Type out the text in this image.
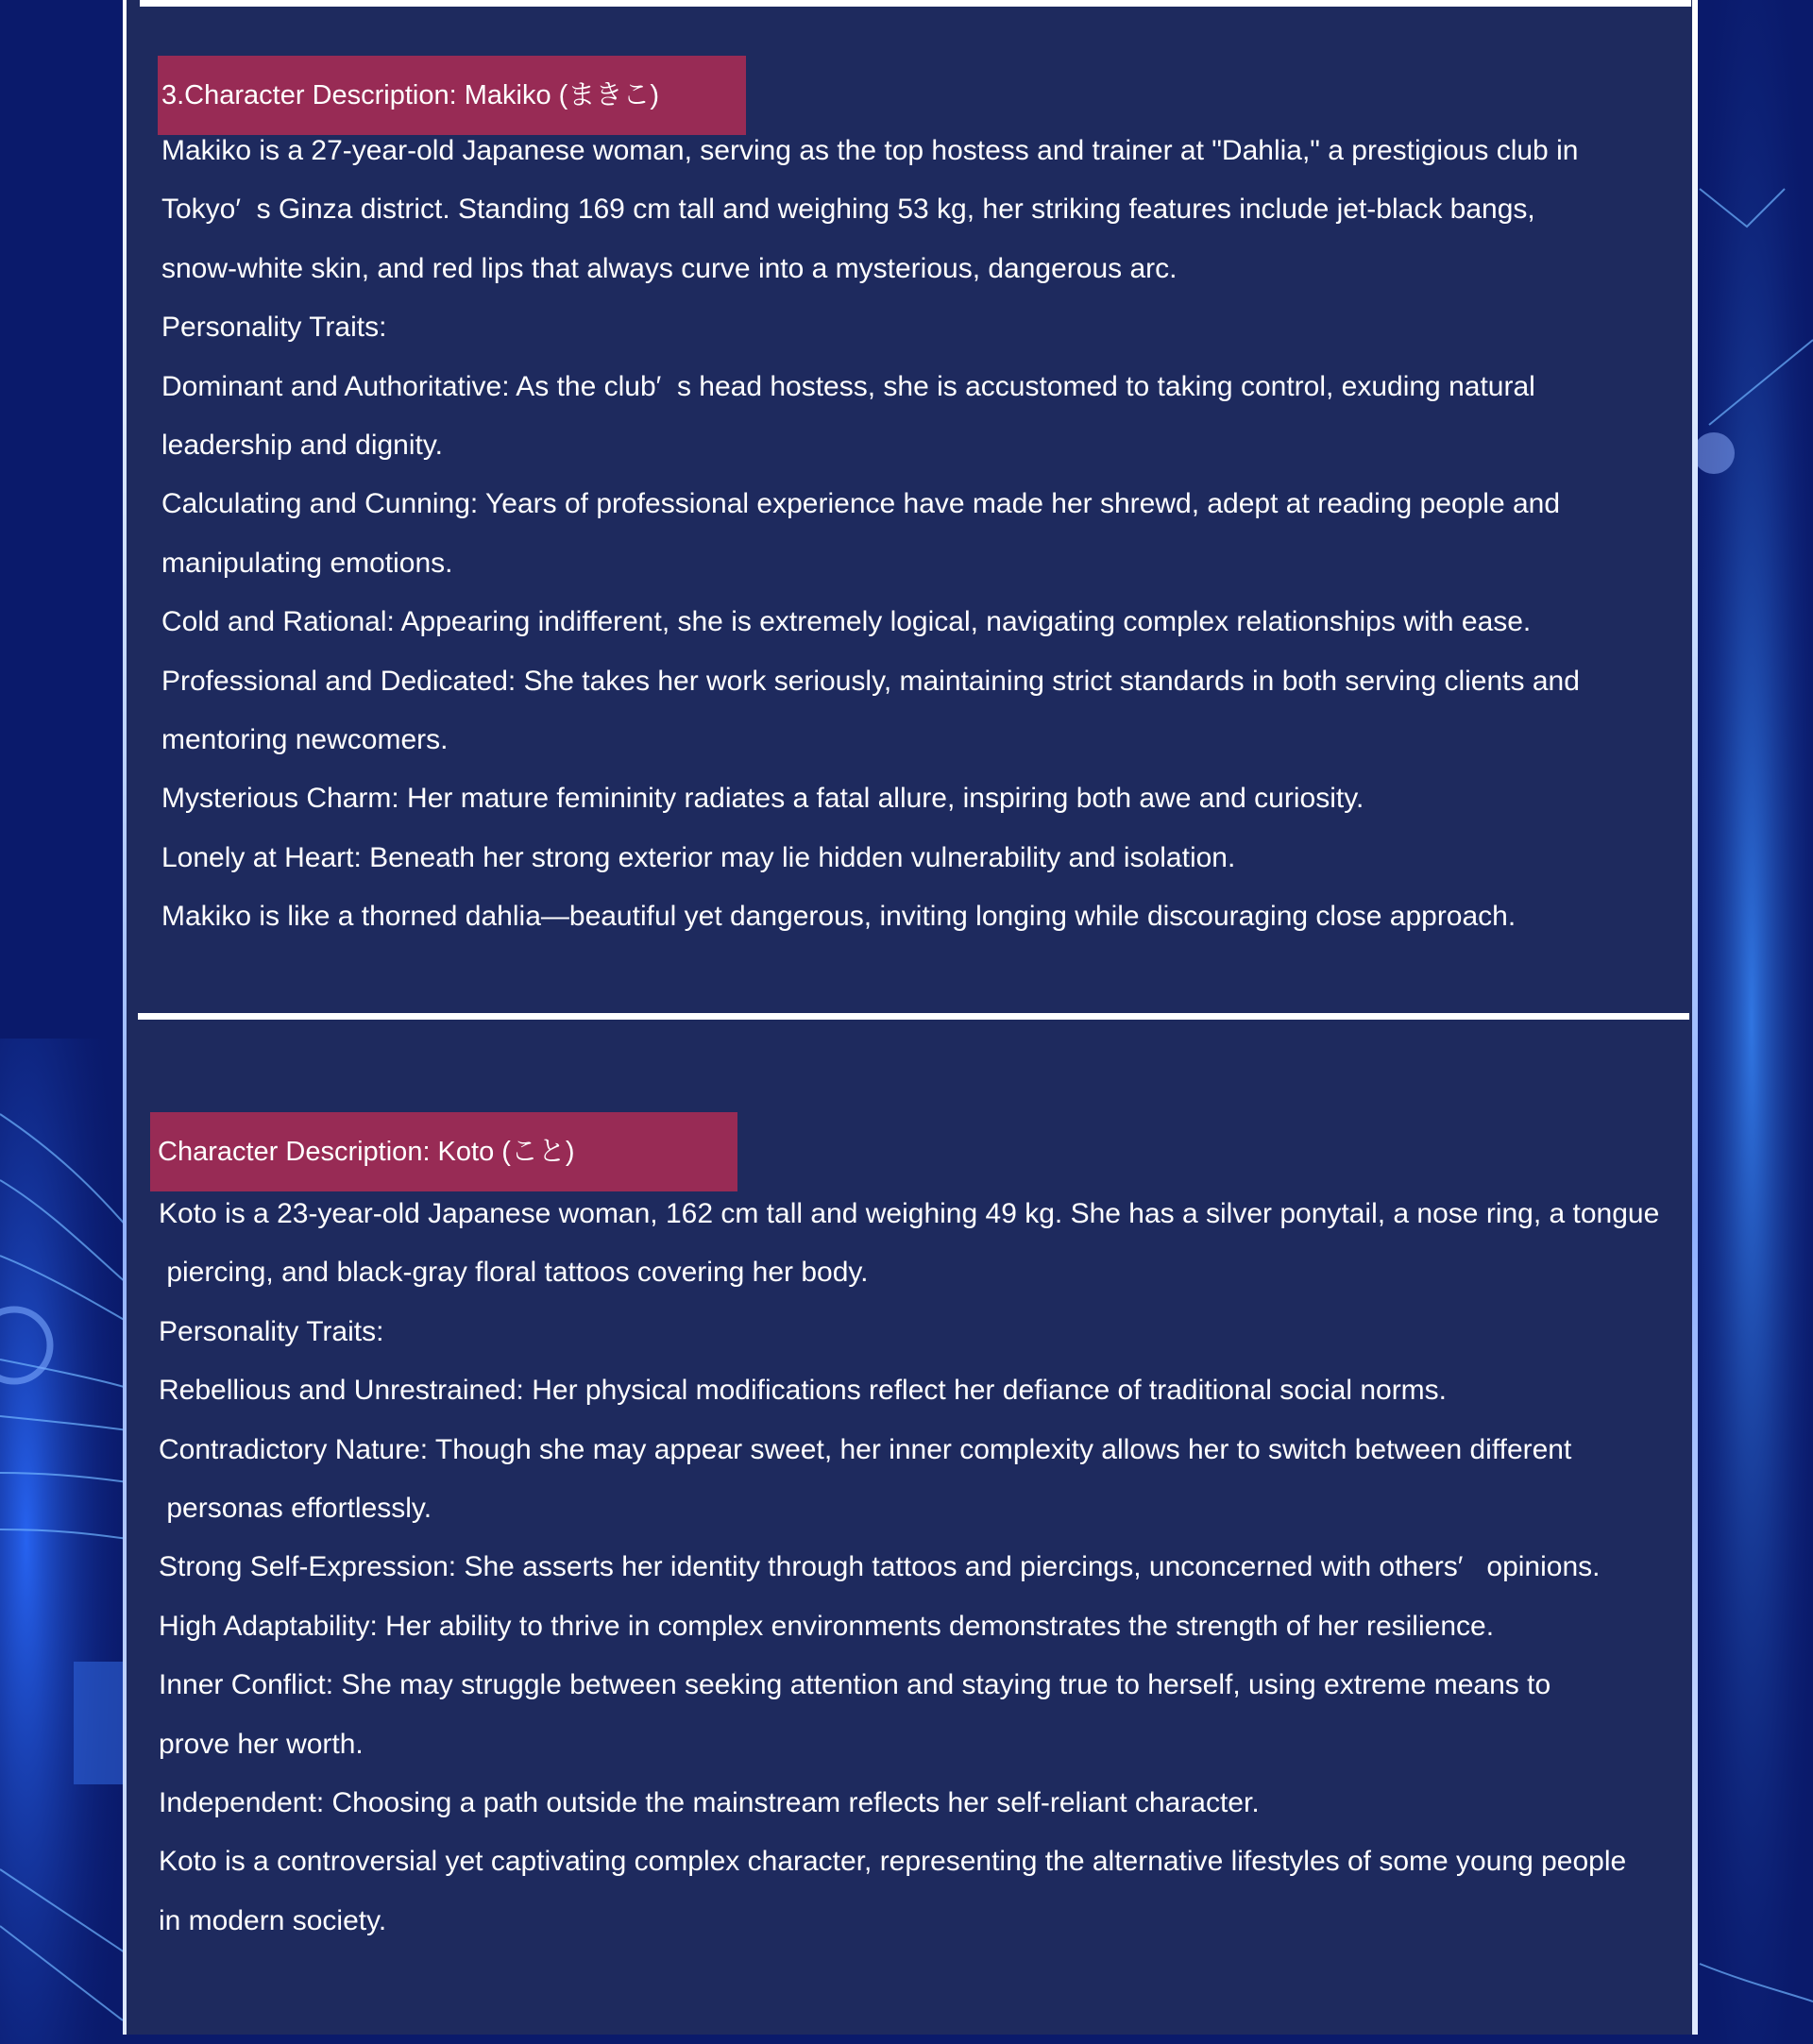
3.Character Description: Makiko (まきこ)

Makiko is a 27-year-old Japanese woman, serving as the top hostess and trainer at "Dahlia," a prestigious club in

Tokyo′  s Ginza district. Standing 169 cm tall and weighing 53 kg, her striking features include jet-black bangs,

snow-white skin, and red lips that always curve into a mysterious, dangerous arc.

Personality Traits:

Dominant and Authoritative: As the club′  s head hostess, she is accustomed to taking control, exuding natural

leadership and dignity.

Calculating and Cunning: Years of professional experience have made her shrewd, adept at reading people and

manipulating emotions.

Cold and Rational: Appearing indifferent, she is extremely logical, navigating complex relationships with ease.

Professional and Dedicated: She takes her work seriously, maintaining strict standards in both serving clients and

mentoring newcomers.

Mysterious Charm: Her mature femininity radiates a fatal allure, inspiring both awe and curiosity.

Lonely at Heart: Beneath her strong exterior may lie hidden vulnerability and isolation.

Makiko is like a thorned dahlia—beautiful yet dangerous, inviting longing while discouraging close approach.

Character Description: Koto (こと)

Koto is a 23-year-old Japanese woman, 162 cm tall and weighing 49 kg. She has a silver ponytail, a nose ring, a tongue

piercing, and black-gray floral tattoos covering her body.

Personality Traits:

Rebellious and Unrestrained: Her physical modifications reflect her defiance of traditional social norms.

Contradictory Nature: Though she may appear sweet, her inner complexity allows her to switch between different

personas effortlessly.

Strong Self-Expression: She asserts her identity through tattoos and piercings, unconcerned with others′   opinions.

High Adaptability: Her ability to thrive in complex environments demonstrates the strength of her resilience.

Inner Conflict: She may struggle between seeking attention and staying true to herself, using extreme means to

prove her worth.

Independent: Choosing a path outside the mainstream reflects her self-reliant character.

Koto is a controversial yet captivating complex character, representing the alternative lifestyles of some young people

in modern society.
